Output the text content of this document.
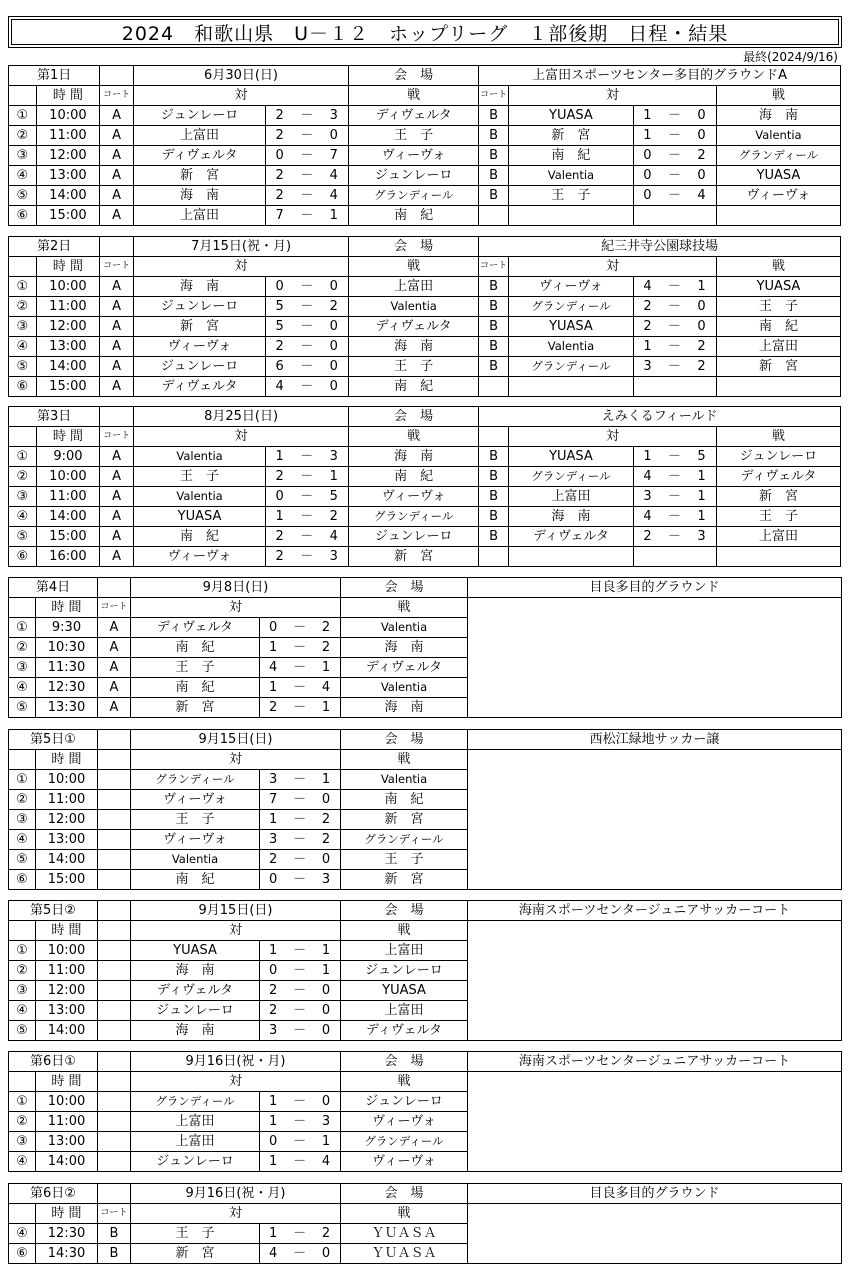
2024　和歌山県　U－１２　ホップリーグ　１部後期　日程・結果
最終(2024/9/16)
第1日			6月30日(日)		会　場	上富田スポーツセンター多目的グラウンドA			
	時 間	コート	対		戦	コート	対		戦
①	10:00	A	ジュンレーロ	2 － 3	ディヴェルタ	B	YUASA	1 － 0	海　南
②	11:00	A	上富田	2 － 0	王　子	B	新　宮	1 － 0	Valentia
③	12:00	A	ディヴェルタ	0 － 7	ヴィーヴォ	B	南　紀	0 － 2	グランディール
④	13:00	A	新　宮	2 － 4	ジュンレーロ	B	Valentia	0 － 0	YUASA
⑤	14:00	A	海　南	2 － 4	グランディール	B	王　子	0 － 4	ヴィーヴォ
⑥	15:00	A	上富田	7 － 1	南　紀				
第2日			7月15日(祝・月)		会　場	紀三井寺公園球技場			
	時 間	コート	対		戦	コート	対		戦
①	10:00	A	海　南	0 － 0	上富田	B	ヴィーヴォ	4 － 1	YUASA
②	11:00	A	ジュンレーロ	5 － 2	Valentia	B	グランディール	2 － 0	王　子
③	12:00	A	新　宮	5 － 0	ディヴェルタ	B	YUASA	2 － 0	南　紀
④	13:00	A	ヴィーヴォ	2 － 0	海　南	B	Valentia	1 － 2	上富田
⑤	14:00	A	ジュンレーロ	6 － 0	王　子	B	グランディール	3 － 2	新　宮
⑥	15:00	A	ディヴェルタ	4 － 0	南　紀				
第3日			8月25日(日)		会　場	えみくるフィールド			
	時 間	コート	対		戦		対		戦
①	9:00	A	Valentia	1 － 3	海　南	B	YUASA	1 － 5	ジュンレーロ
②	10:00	A	王　子	2 － 1	南　紀	B	グランディール	4 － 1	ディヴェルタ
③	11:00	A	Valentia	0 － 5	ヴィーヴォ	B	上富田	3 － 1	新　宮
④	14:00	A	YUASA	1 － 2	グランディール	B	海　南	4 － 1	王　子
⑤	15:00	A	南　紀	2 － 4	ジュンレーロ	B	ディヴェルタ	2 － 3	上富田
⑥	16:00	A	ヴィーヴォ	2 － 3	新　宮				
第4日			9月8日(日)		会　場	目良多目的グラウンド
	時 間	コート	対		戦	
①	9:30	A	ディヴェルタ	0 － 2	Valentia	
②	10:30	A	南　紀	1 － 2	海　南	
③	11:30	A	王　子	4 － 1	ディヴェルタ	
④	12:30	A	南　紀	1 － 4	Valentia	
⑤	13:30	A	新　宮	2 － 1	海　南	
第5日①			9月15日(日)		会　場	西松江緑地サッカー譲
	時 間		対		戦	
①	10:00		グランディール	3 － 1	Valentia	
②	11:00		ヴィーヴォ	7 － 0	南　紀	
③	12:00		王　子	1 － 2	新　宮	
④	13:00		ヴィーヴォ	3 － 2	グランディール	
⑤	14:00		Valentia	2 － 0	王　子	
⑥	15:00		南　紀	0 － 3	新　宮	
第5日②			9月15日(日)		会　場	海南スポーツセンタージュニアサッカーコート
	時 間		対		戦	
①	10:00		YUASA	1 － 1	上富田	
②	11:00		海　南	0 － 1	ジュンレーロ	
③	12:00		ディヴェルタ	2 － 0	YUASA	
④	13:00		ジュンレーロ	2 － 0	上富田	
⑤	14:00		海　南	3 － 0	ディヴェルタ	
第6日①			9月16日(祝・月)		会　場	海南スポーツセンタージュニアサッカーコート
	時 間		対		戦	
①	10:00		グランディール	1 － 0	ジュンレーロ	
②	11:00		上富田	1 － 3	ヴィーヴォ	
③	13:00		上富田	0 － 1	グランディール	
④	14:00		ジュンレーロ	1 － 4	ヴィーヴォ	
第6日②			9月16日(祝・月)		会　場	目良多目的グラウンド
	時 間	コート	対		戦	
④	12:30	B	王　子	1 － 2	ＹＵＡＳＡ	
⑥	14:30	B	新　宮	4 － 0	ＹＵＡＳＡ	
